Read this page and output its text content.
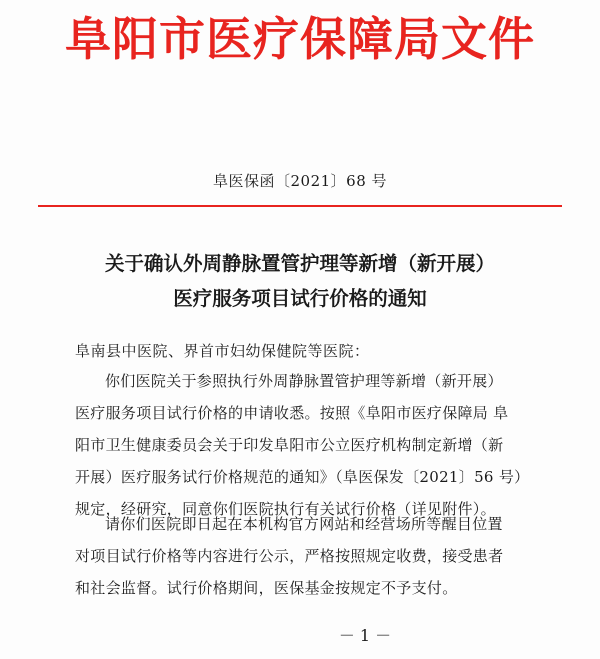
阜阳市医疗保障局文件
阜医保函〔2021〕68 号
关于确认外周静脉置管护理等新增（新开展）
医疗服务项目试行价格的通知
阜南县中医院、界首市妇幼保健院等医院：
你们医院关于参照执行外周静脉置管护理等新增（新开展）
医疗服务项目试行价格的申请收悉。按照《阜阳市医疗保障局 阜
阳市卫生健康委员会关于印发阜阳市公立医疗机构制定新增（新
开展）医疗服务试行价格规范的通知》（阜医保发〔2021〕56 号）
规定，经研究，同意你们医院执行有关试行价格（详见附件）。
请你们医院即日起在本机构官方网站和经营场所等醒目位置
对项目试行价格等内容进行公示，严格按照规定收费，接受患者
和社会监督。试行价格期间，医保基金按规定不予支付。
－ 1 －
